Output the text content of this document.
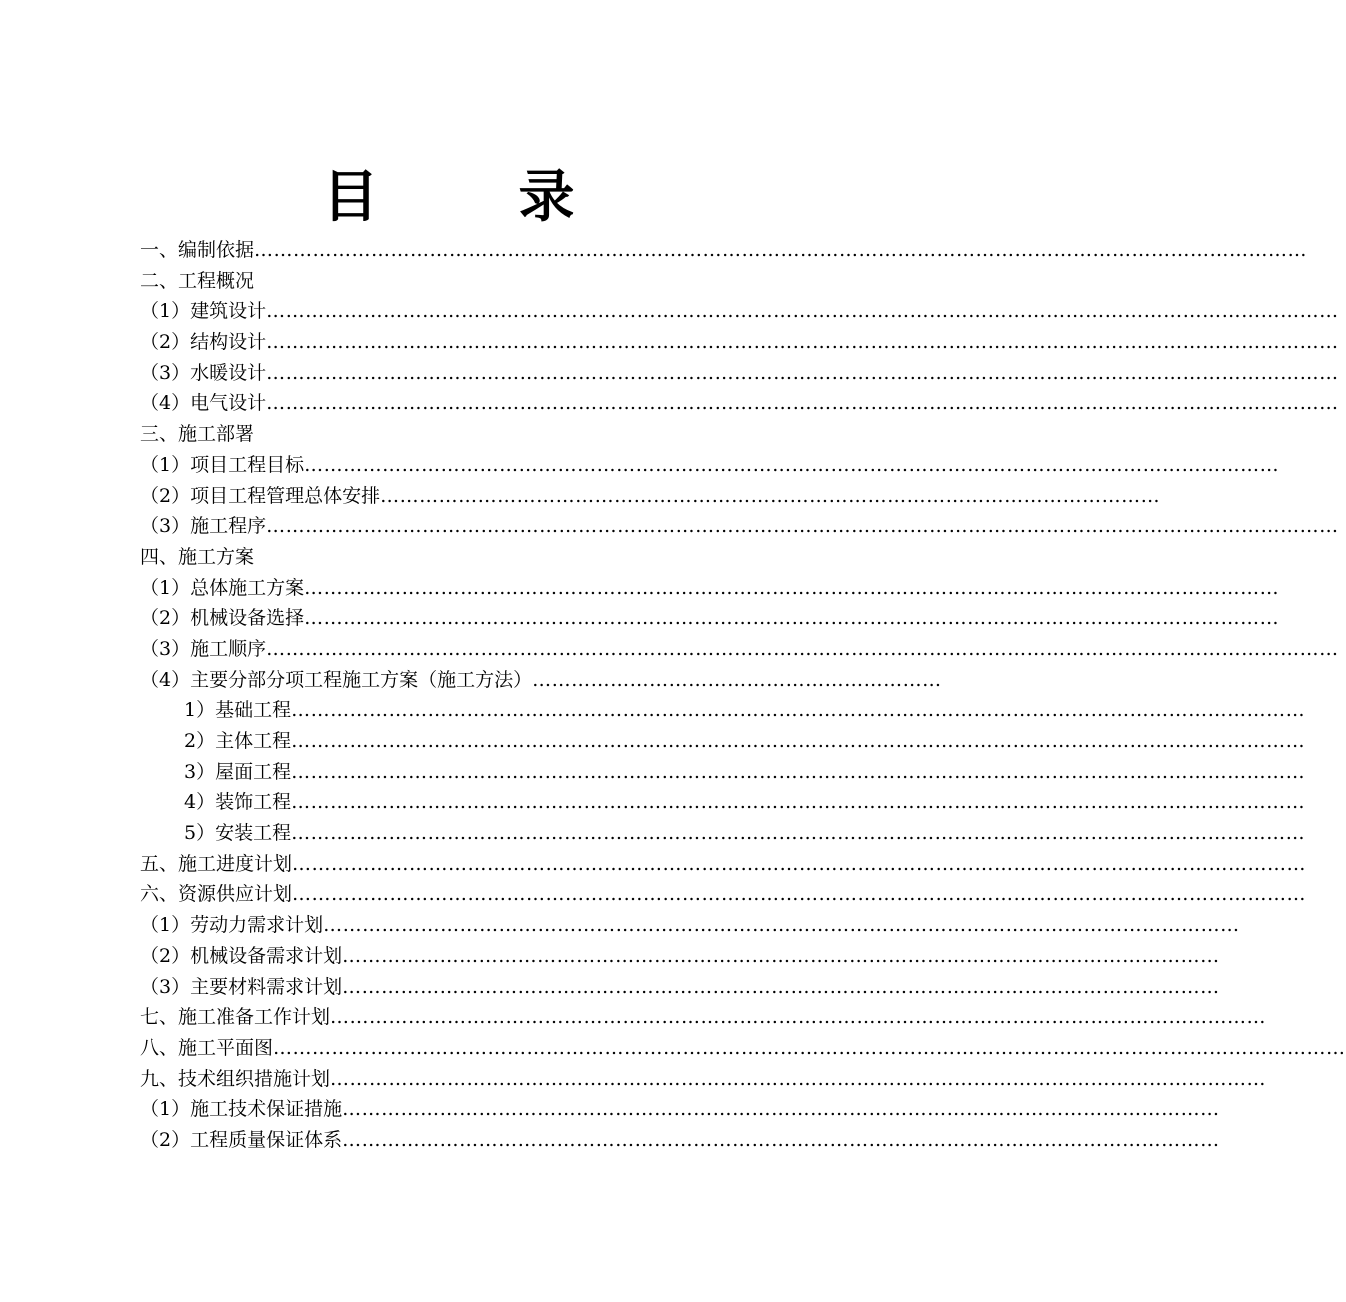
目　录
一、编制依据………………………………………………………………………………………………………………………………………………
二、工程概况
（1）建筑设计…………………………………………………………………………………………………………………………………………………
（2）结构设计…………………………………………………………………………………………………………………………………………………
（3）水暖设计…………………………………………………………………………………………………………………………………………………
（4）电气设计…………………………………………………………………………………………………………………………………………………
三、施工部署
（1）项目工程目标……………………………………………………………………………………………………………………………………
（2）项目工程管理总体安排…………………………………………………………………………………………………………
（3）施工程序…………………………………………………………………………………………………………………………………………………
四、施工方案
（1）总体施工方案……………………………………………………………………………………………………………………………………
（2）机械设备选择……………………………………………………………………………………………………………………………………
（3）施工顺序…………………………………………………………………………………………………………………………………………………
（4）主要分部分项工程施工方案（施工方法）………………………………………………………
1）基础工程…………………………………………………………………………………………………………………………………………
2）主体工程…………………………………………………………………………………………………………………………………………
3）屋面工程…………………………………………………………………………………………………………………………………………
4）装饰工程…………………………………………………………………………………………………………………………………………
5）安装工程…………………………………………………………………………………………………………………………………………
五、施工进度计划…………………………………………………………………………………………………………………………………………
六、资源供应计划…………………………………………………………………………………………………………………………………………
（1）劳动力需求计划……………………………………………………………………………………………………………………………
（2）机械设备需求计划………………………………………………………………………………………………………………………
（3）主要材料需求计划………………………………………………………………………………………………………………………
七、施工准备工作计划………………………………………………………………………………………………………………………………
八、施工平面图…………………………………………………………………………………………………………………………………………………
九、技术组织措施计划………………………………………………………………………………………………………………………………
（1）施工技术保证措施………………………………………………………………………………………………………………………
（2）工程质量保证体系………………………………………………………………………………………………………………………
